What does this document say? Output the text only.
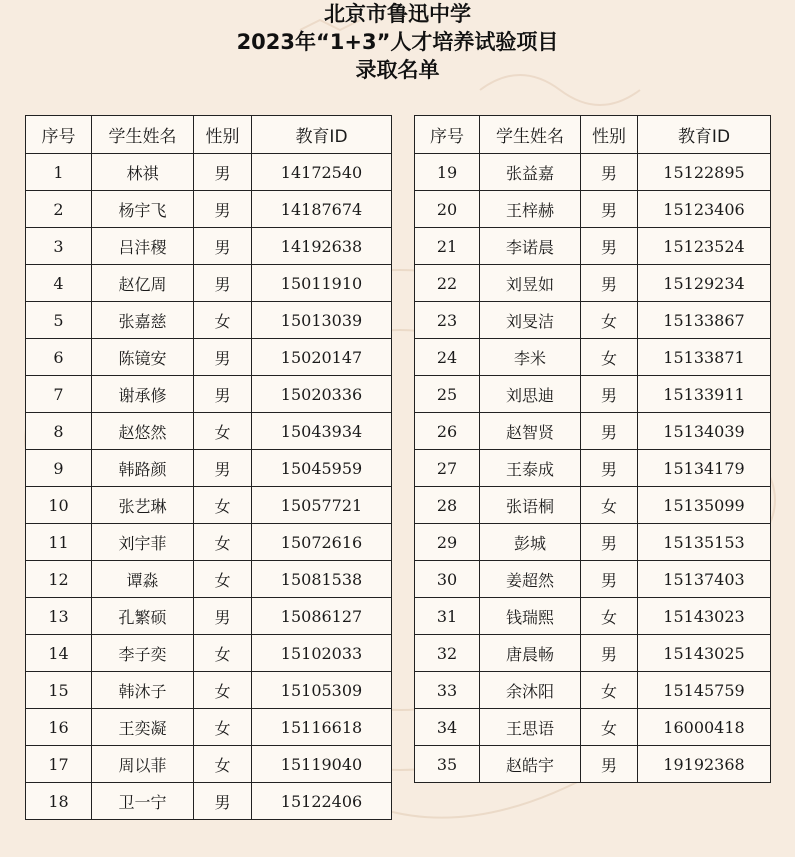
北京市鲁迅中学
2023年“1+3”人才培养试验项目
录取名单
序号	学生姓名	性别	教育ID
1	林祺	男	14172540
2	杨宇飞	男	14187674
3	吕沣稷	男	14192638
4	赵亿周	男	15011910
5	张嘉慈	女	15013039
6	陈镜安	男	15020147
7	谢承修	男	15020336
8	赵悠然	女	15043934
9	韩路颜	男	15045959
10	张艺琳	女	15057721
11	刘宇菲	女	15072616
12	谭淼	女	15081538
13	孔繁硕	男	15086127
14	李子奕	女	15102033
15	韩沐子	女	15105309
16	王奕凝	女	15116618
17	周以菲	女	15119040
18	卫一宁	男	15122406
序号	学生姓名	性别	教育ID
19	张益嘉	男	15122895
20	王梓赫	男	15123406
21	李诺晨	男	15123524
22	刘昱如	男	15129234
23	刘旻洁	女	15133867
24	李米	女	15133871
25	刘思迪	男	15133911
26	赵智贤	男	15134039
27	王泰成	男	15134179
28	张语桐	女	15135099
29	彭城	男	15135153
30	姜超然	男	15137403
31	钱瑞熙	女	15143023
32	唐晨畅	男	15143025
33	余沐阳	女	15145759
34	王思语	女	16000418
35	赵皓宇	男	19192368
